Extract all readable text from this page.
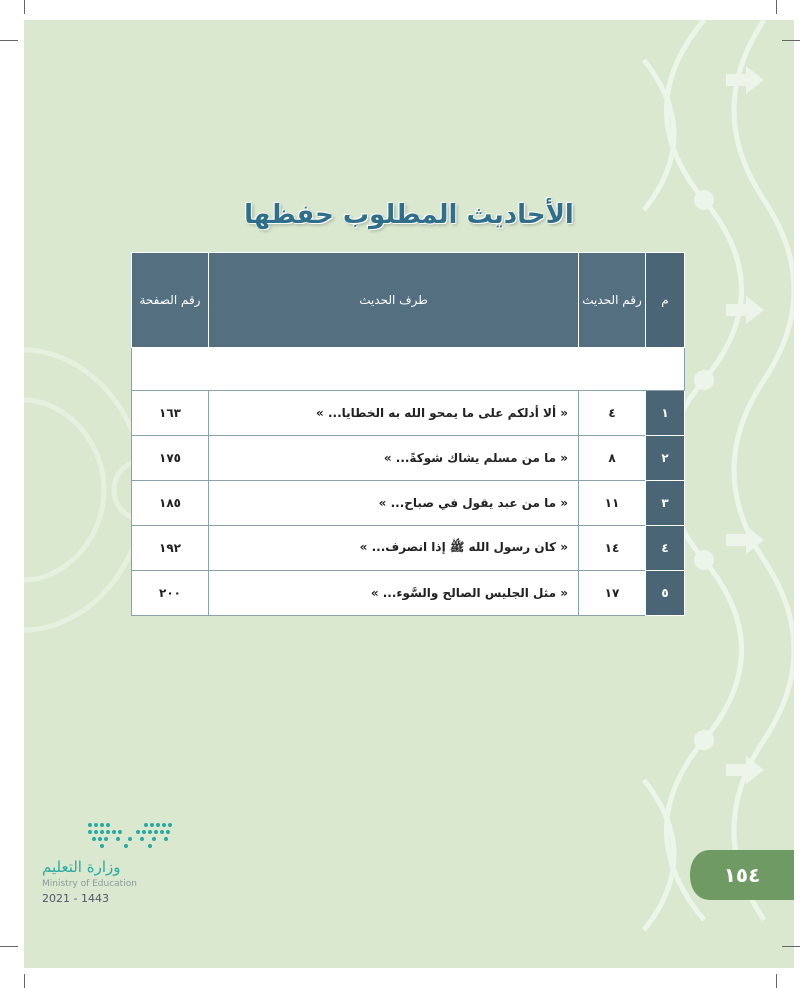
الأحاديث المطلوب حفظها
م	رقم الحديث	طرف الحديث	رقم الصفحة

١	٤	« ألا أدلكم على ما يمحو الله به الخطايا... »	١٦٣
٢	٨	« ما من مسلم يشاك شوكةً... »	١٧٥
٣	١١	« ما من عبد يقول في صباح... »	١٨٥
٤	١٤	« كان رسول الله ﷺ إذا انصرف... »	١٩٢
٥	١٧	« مثل الجليس الصالح والسَّوء... »	٢٠٠
وزارة التعليم
Ministry of Education
2021 - 1443
١٥٤
